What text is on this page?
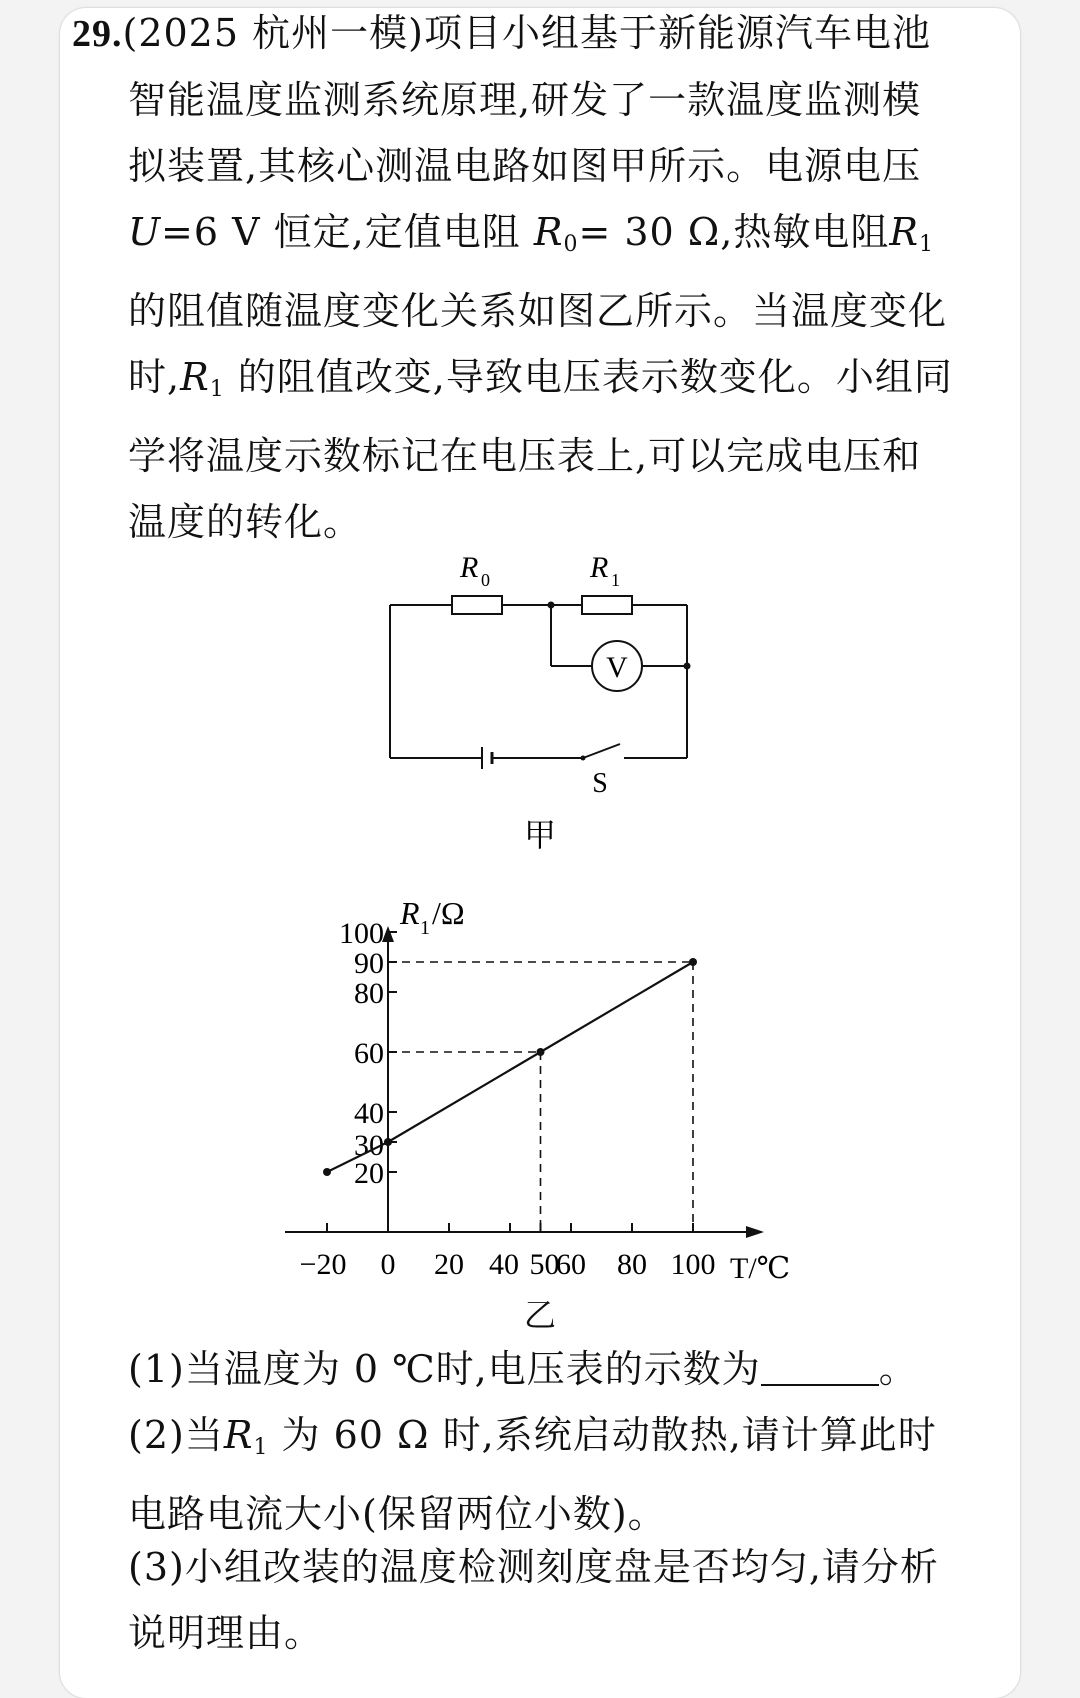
29.(2025 杭州一模)项目小组基于新能源汽车电池智能温度监测系统原理,研发了一款温度监测模拟装置,其核心测温电路如图甲所示。电源电压
U=6 V 恒定,定值电阻 $R_0= 30$ Ω,热敏电阻$R_1$
的阻值随温度变化关系如图乙所示。当温度变化时$,R_1$ 的阻值改变,导致电压表示数变化。小组同学将温度示数标记在电压表上,可以完成电压和温度的转化。

R 0	R 1
V
S
甲
100
90
80
60
40
30
20
−20 0 20 40 50
60 80 100
R 1 /Ω
T/℃
乙

(1)当温度为 0 ℃时,电压表的示数为	。

(2)当$R_1$ 为 60 Ω 时,系统启动散热,请计算此时电路电流大小(保留两位小数)。

(3)小组改装的温度检测刻度盘是否均匀,请分析说明理由。
